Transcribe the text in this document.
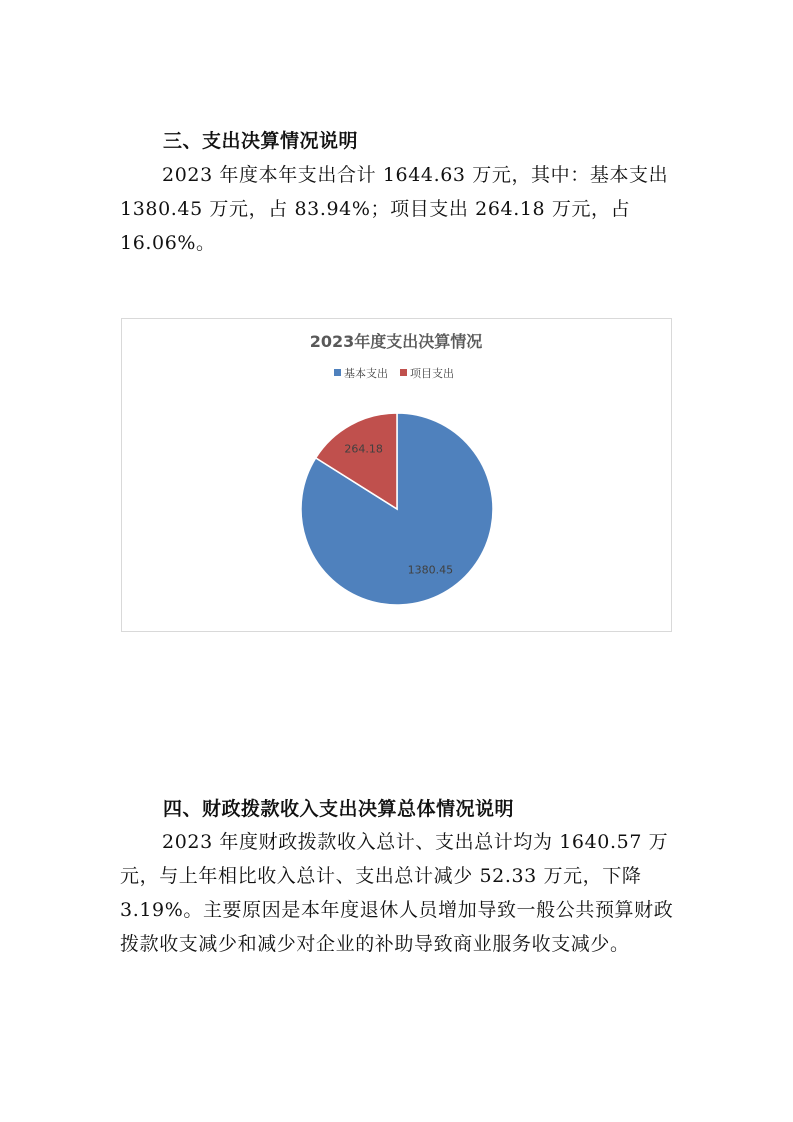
三、支出决算情况说明

2023 年度本年支出合计 1644.63 万元，其中：基本支出 1380.45 万元，占 83.94%；项目支出 264.18 万元，占 16.06%。

2023年度支出决算情况
基本支出 项目支出
1380.45
264.18
四、财政拨款收入支出决算总体情况说明

2023 年度财政拨款收入总计、支出总计均为 1640.57 万元，与上年相比收入总计、支出总计减少 52.33 万元，下降 3.19%。主要原因是本年度退休人员增加导致一般公共预算财政拨款收支减少和减少对企业的补助导致商业服务收支减少。
